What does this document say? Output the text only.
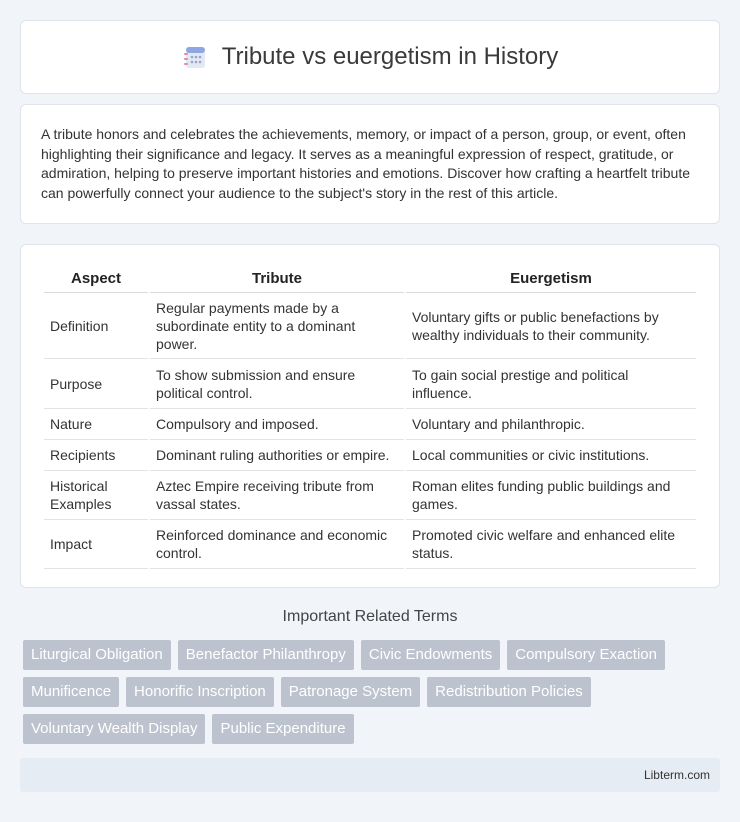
Tribute vs euergetism in History

A tribute honors and celebrates the achievements, memory, or impact of a person, group, or event, often highlighting their significance and legacy. It serves as a meaningful expression of respect, gratitude, or admiration, helping to preserve important histories and emotions. Discover how crafting a heartfelt tribute can powerfully connect your audience to the subject's story in the rest of this article.

Aspect	Tribute	Euergetism
Definition	Regular payments made by a subordinate entity to a dominant power.	Voluntary gifts or public benefactions by wealthy individuals to their community.
Purpose	To show submission and ensure political control.	To gain social prestige and political influence.
Nature	Compulsory and imposed.	Voluntary and philanthropic.
Recipients	Dominant ruling authorities or empire.	Local communities or civic institutions.
Historical Examples	Aztec Empire receiving tribute from vassal states.	Roman elites funding public buildings and games.
Impact	Reinforced dominance and economic control.	Promoted civic welfare and enhanced elite status.
Important Related Terms
Liturgical Obligation	Benefactor Philanthropy	Civic Endowments	Compulsory Exaction
Munificence	Honorific Inscription	Patronage System	Redistribution Policies
Voluntary Wealth Display	Public Expenditure
Libterm.com
